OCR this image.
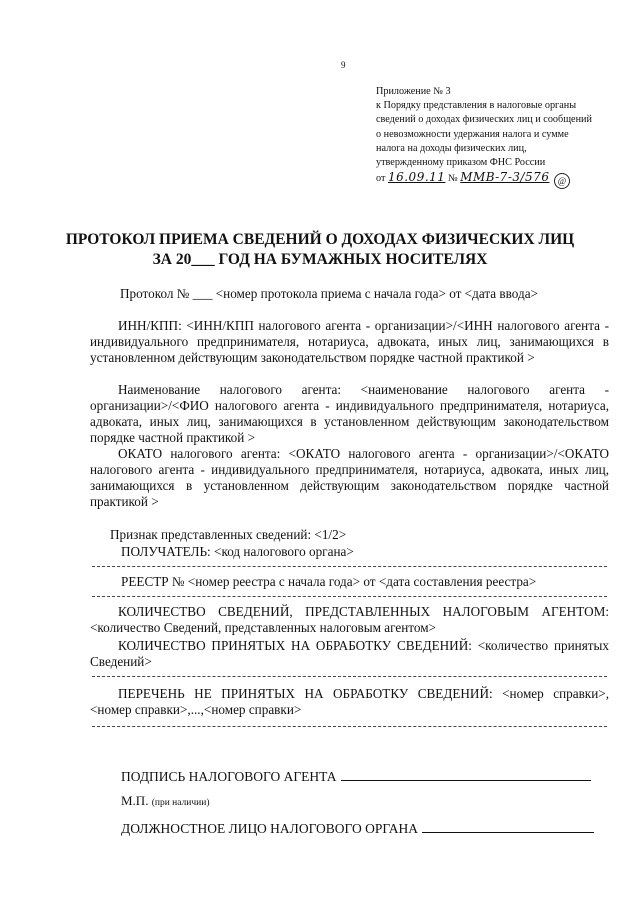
9
Приложение № 3
к Порядку представления в налоговые органы
сведений о доходах физических лиц и сообщений
о невозможности удержания налога и сумме
налога на доходы физических лиц,
утвержденному приказом ФНС России
от 16.09.11 № ММВ-7-3/576 @
ПРОТОКОЛ ПРИЕМА СВЕДЕНИЙ О ДОХОДАХ ФИЗИЧЕСКИХ ЛИЦ
ЗА 20___ ГОД НА БУМАЖНЫХ НОСИТЕЛЯХ
Протокол № ___ <номер протокола приема с начала года> от <дата ввода>
ИНН/КПП: <ИНН/КПП налогового агента - организации>/<ИНН налогового агента - индивидуального предпринимателя, нотариуса, адвоката, иных лиц, занимающихся в установленном действующим законодательством порядке частной практикой >
Наименование налогового агента: <наименование налогового агента - организации>/<ФИО налогового агента - индивидуального предпринимателя, нотариуса, адвоката, иных лиц, занимающихся в установленном действующим законодательством порядке частной практикой >
ОКАТО налогового агента: <ОКАТО налогового агента - организации>/<ОКАТО налогового агента - индивидуального предпринимателя, нотариуса, адвоката, иных лиц, занимающихся в установленном действующим законодательством порядке частной практикой >
Признак представленных сведений: <1/2>
ПОЛУЧАТЕЛЬ: <код налогового органа>
РЕЕСТР № <номер реестра с начала года> от <дата составления реестра>
КОЛИЧЕСТВО СВЕДЕНИЙ, ПРЕДСТАВЛЕННЫХ НАЛОГОВЫМ АГЕНТОМ: <количество Сведений, представленных налоговым агентом>
КОЛИЧЕСТВО ПРИНЯТЫХ НА ОБРАБОТКУ СВЕДЕНИЙ: <количество принятых Сведений>
ПЕРЕЧЕНЬ НЕ ПРИНЯТЫХ НА ОБРАБОТКУ СВЕДЕНИЙ: <номер справки>, <номер справки>,...,<номер справки>
ПОДПИСЬ НАЛОГОВОГО АГЕНТА
М.П. (при наличии)
ДОЛЖНОСТНОЕ ЛИЦО НАЛОГОВОГО ОРГАНА
